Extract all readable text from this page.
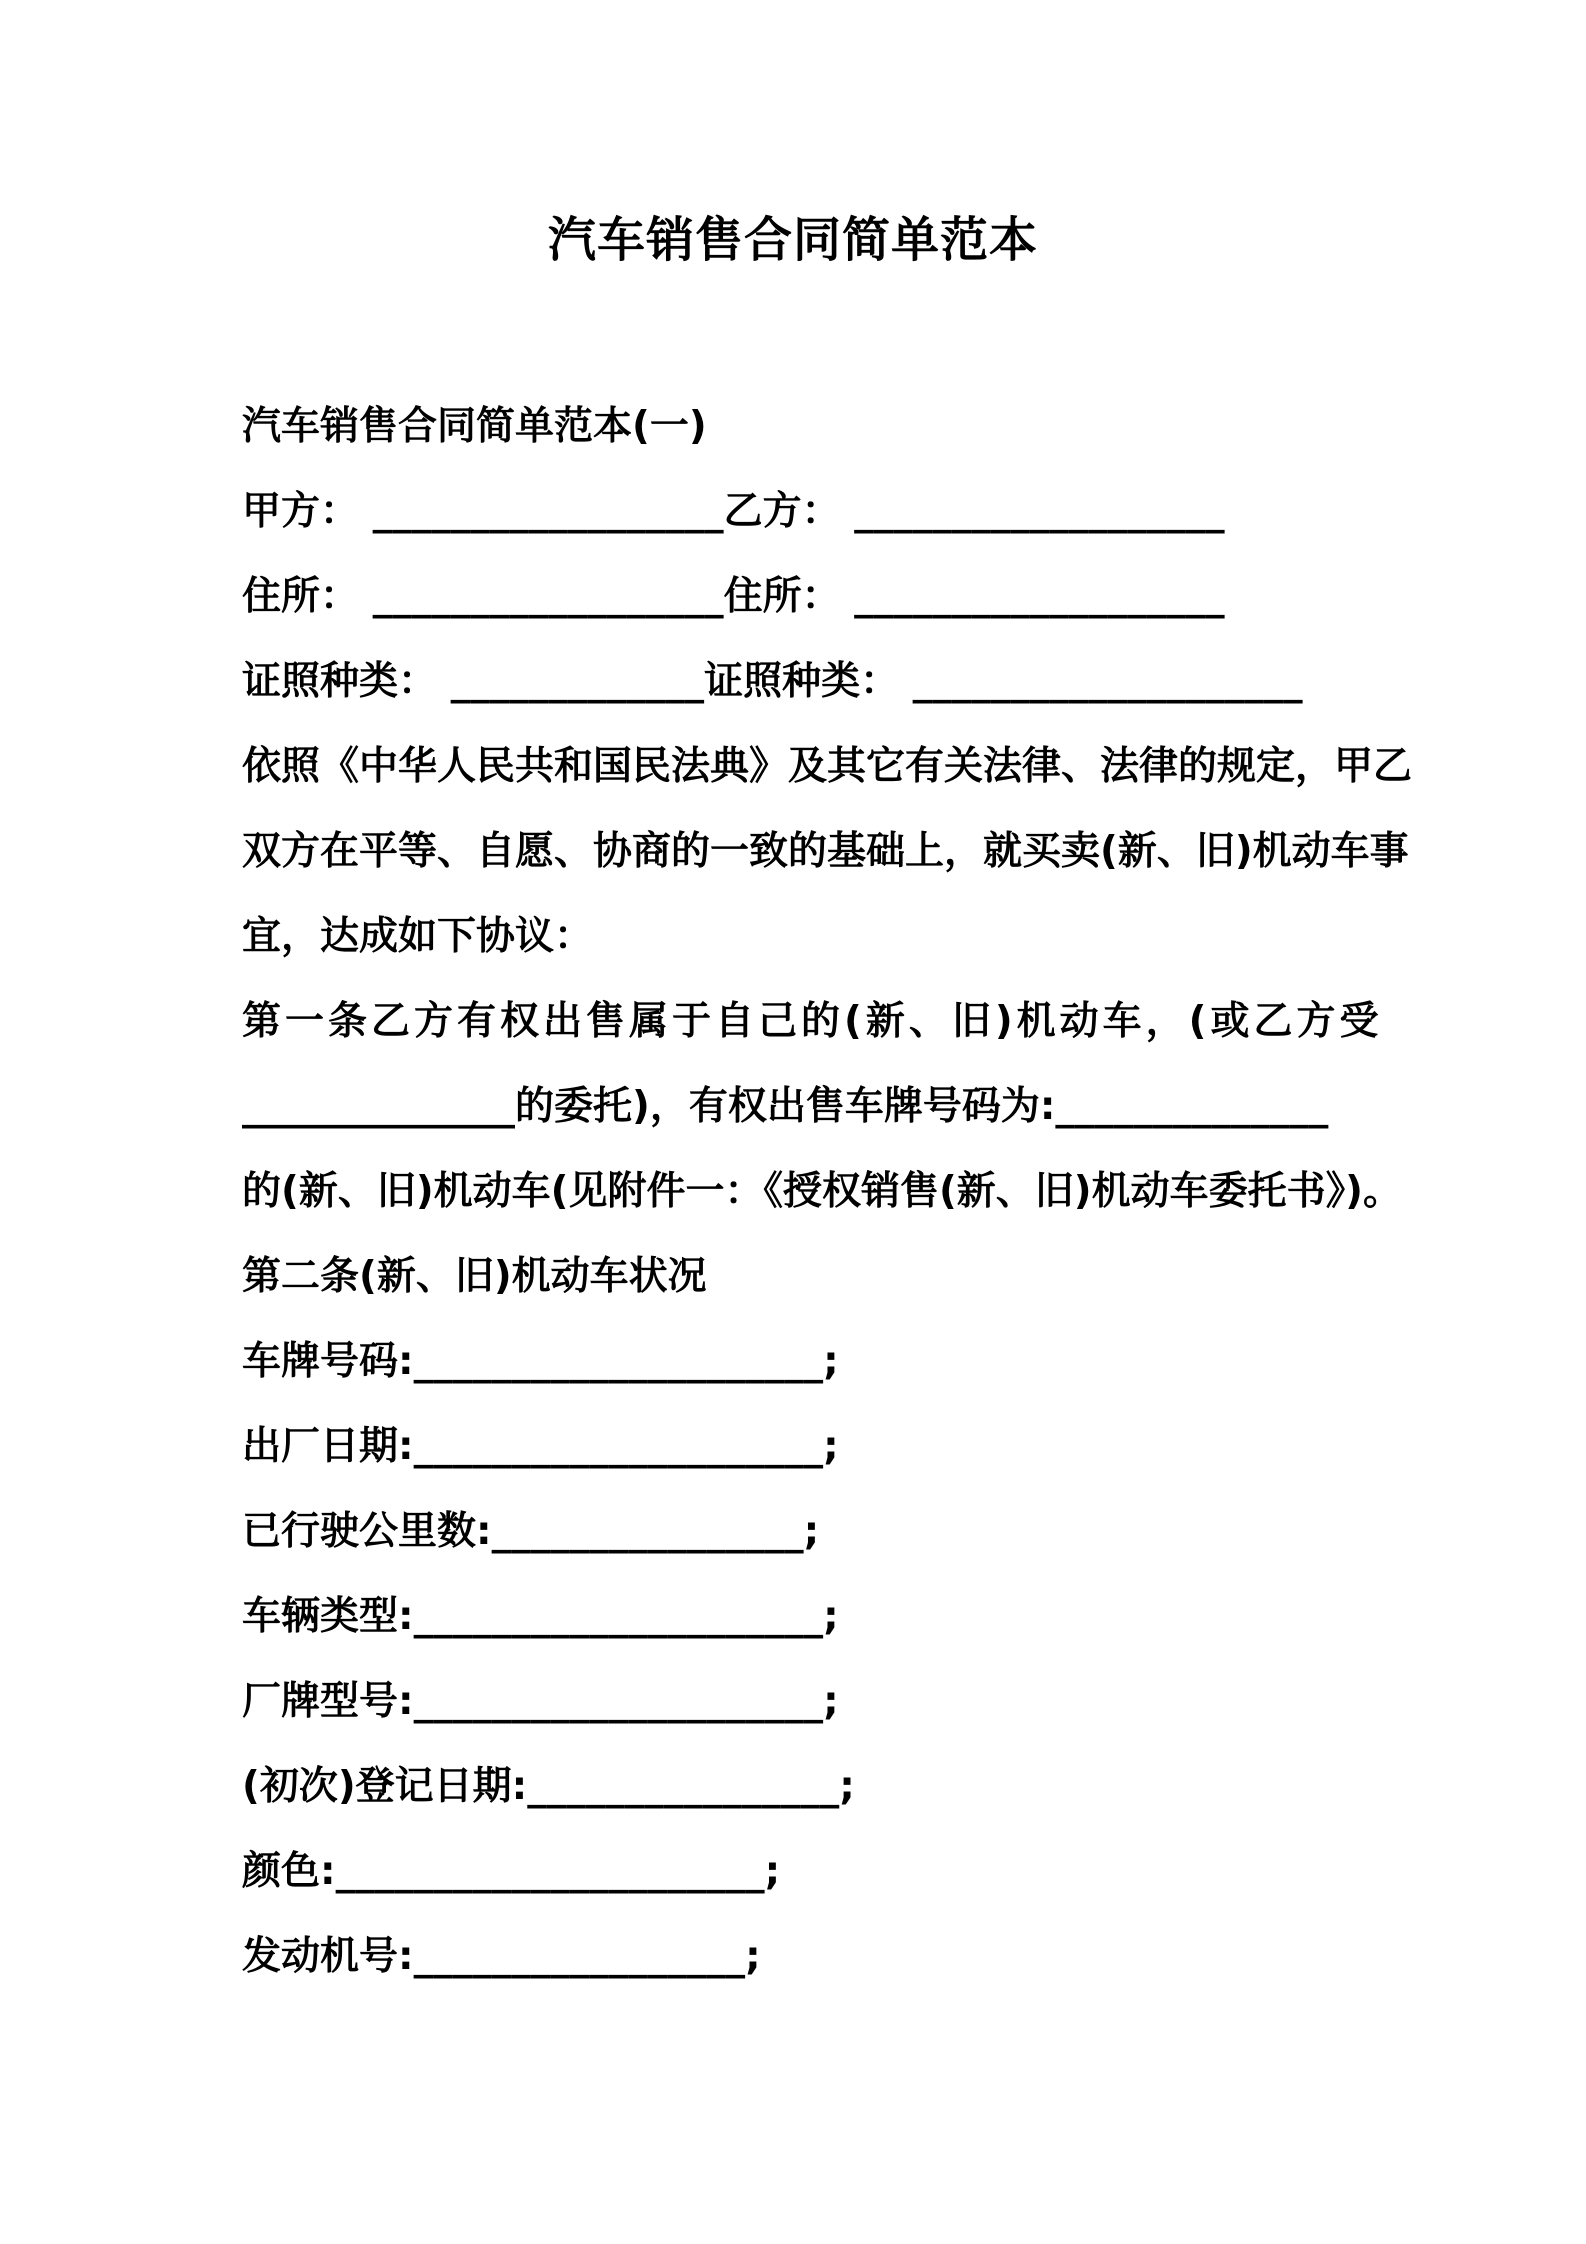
汽车销售合同简单范本
汽车销售合同简单范本(一)
甲方： __________________乙方： ___________________
住所： __________________住所： ___________________
证照种类： _____________证照种类： ____________________
依照《中华人民共和国民法典》及其它有关法律、法律的规定，甲乙
双方在平等、自愿、协商的一致的基础上，就买卖(新、旧)机动车事
宜，达成如下协议：
第一条乙方有权出售属于自己的(新、旧)机动车，(或乙方受
______________的委托)，有权出售车牌号码为:______________
的(新、旧)机动车(见附件一：《授权销售(新、旧)机动车委托书》)。
第二条(新、旧)机动车状况
车牌号码:_____________________;
出厂日期:_____________________;
已行驶公里数:________________;
车辆类型:_____________________;
厂牌型号:_____________________;
(初次)登记日期:________________;
颜色:______________________;
发动机号:_________________;
